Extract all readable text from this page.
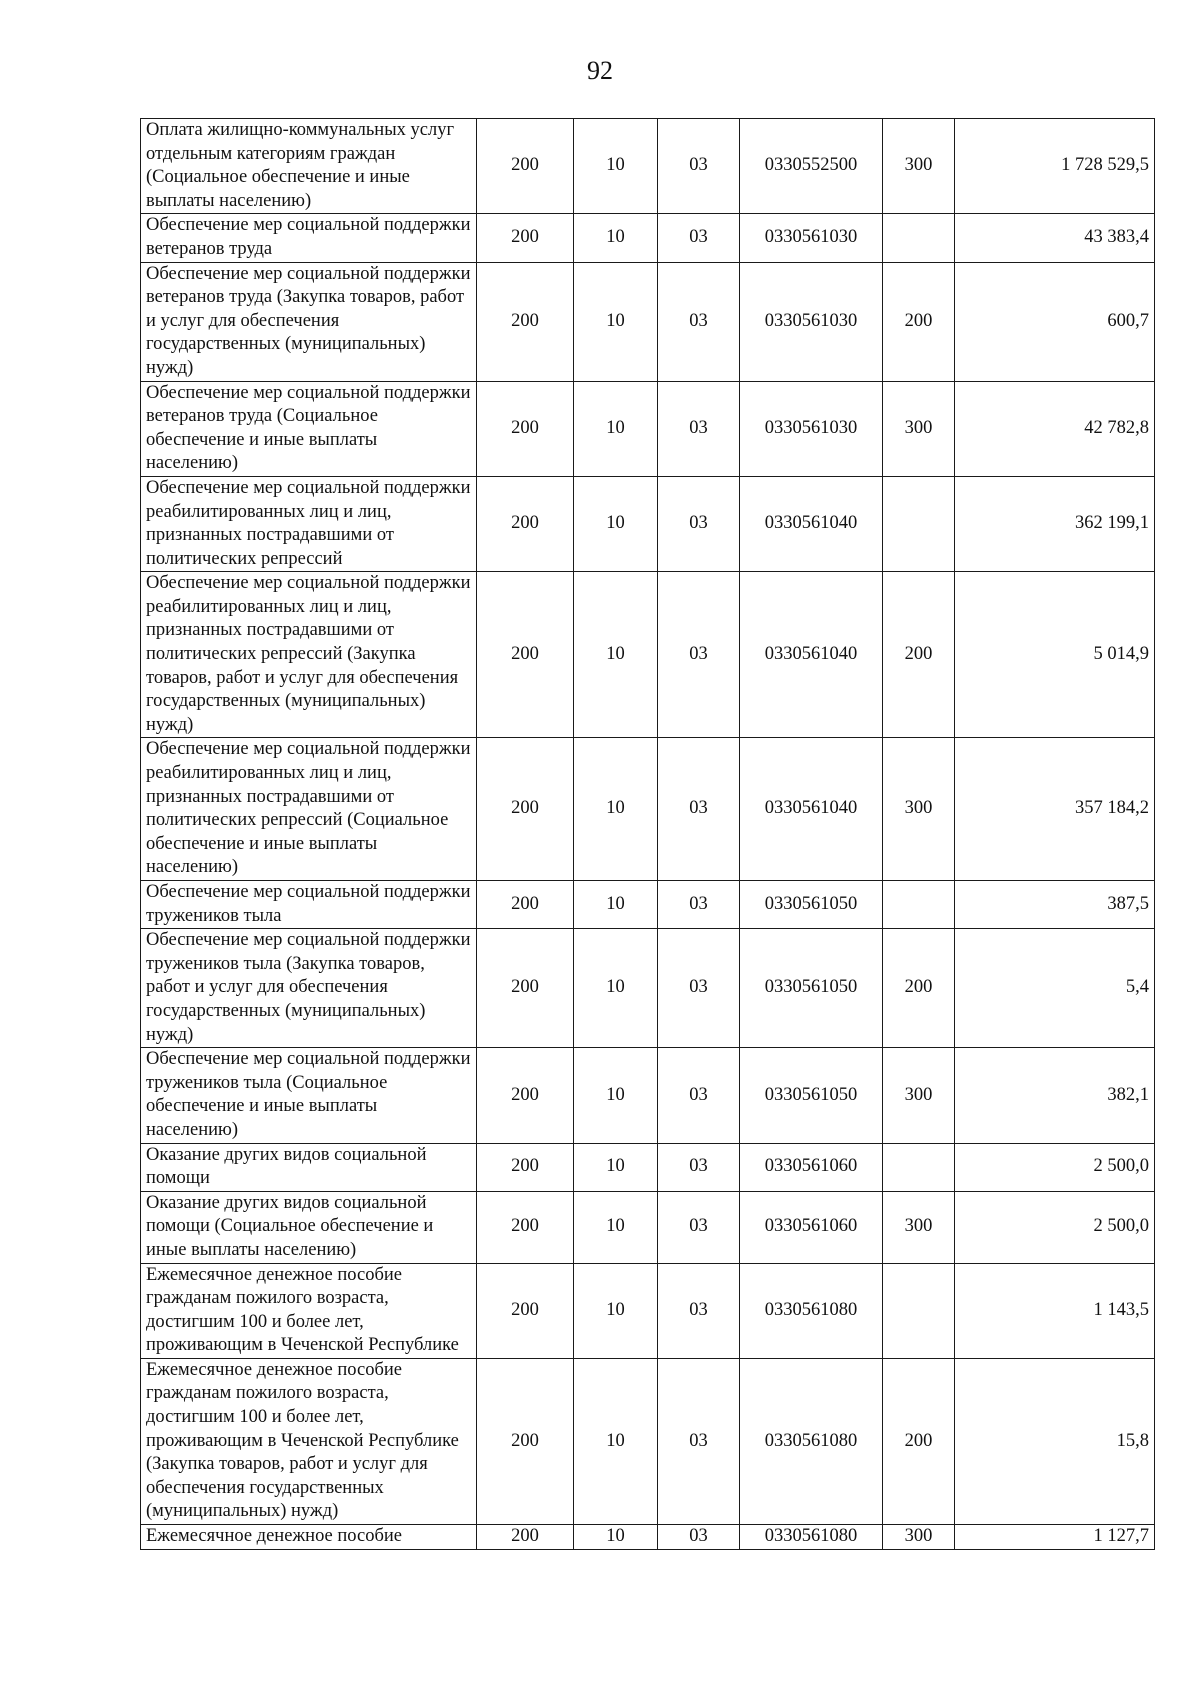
92
Оплата жилищно-коммунальных услуг отдельным категориям граждан (Социальное обеспечение и иные выплаты населению)	200	10	03	0330552500	300	1 728 529,5
Обеспечение мер социальной поддержки ветеранов труда	200	10	03	0330561030		43 383,4
Обеспечение мер социальной поддержки ветеранов труда (Закупка товаров, работ и услуг для обеспечения государственных (муниципальных) нужд)	200	10	03	0330561030	200	600,7
Обеспечение мер социальной поддержки ветеранов труда (Социальное обеспечение и иные выплаты населению)	200	10	03	0330561030	300	42 782,8
Обеспечение мер социальной поддержки реабилитированных лиц и лиц, признанных пострадавшими от политических репрессий	200	10	03	0330561040		362 199,1
Обеспечение мер социальной поддержки реабилитированных лиц и лиц, признанных пострадавшими от политических репрессий (Закупка товаров, работ и услуг для обеспечения государственных (муниципальных) нужд)	200	10	03	0330561040	200	5 014,9
Обеспечение мер социальной поддержки реабилитированных лиц и лиц, признанных пострадавшими от политических репрессий (Социальное обеспечение и иные выплаты населению)	200	10	03	0330561040	300	357 184,2
Обеспечение мер социальной поддержки тружеников тыла	200	10	03	0330561050		387,5
Обеспечение мер социальной поддержки тружеников тыла (Закупка товаров, работ и услуг для обеспечения государственных (муниципальных) нужд)	200	10	03	0330561050	200	5,4
Обеспечение мер социальной поддержки тружеников тыла (Социальное обеспечение и иные выплаты населению)	200	10	03	0330561050	300	382,1
Оказание других видов социальной помощи	200	10	03	0330561060		2 500,0
Оказание других видов социальной помощи (Социальное обеспечение и иные выплаты населению)	200	10	03	0330561060	300	2 500,0
Ежемесячное денежное пособие гражданам пожилого возраста, достигшим 100 и более лет, проживающим в Чеченской Республике	200	10	03	0330561080		1 143,5
Ежемесячное денежное пособие гражданам пожилого возраста, достигшим 100 и более лет, проживающим в Чеченской Республике (Закупка товаров, работ и услуг для обеспечения государственных (муниципальных) нужд)	200	10	03	0330561080	200	15,8
Ежемесячное денежное пособие	200	10	03	0330561080	300	1 127,7
